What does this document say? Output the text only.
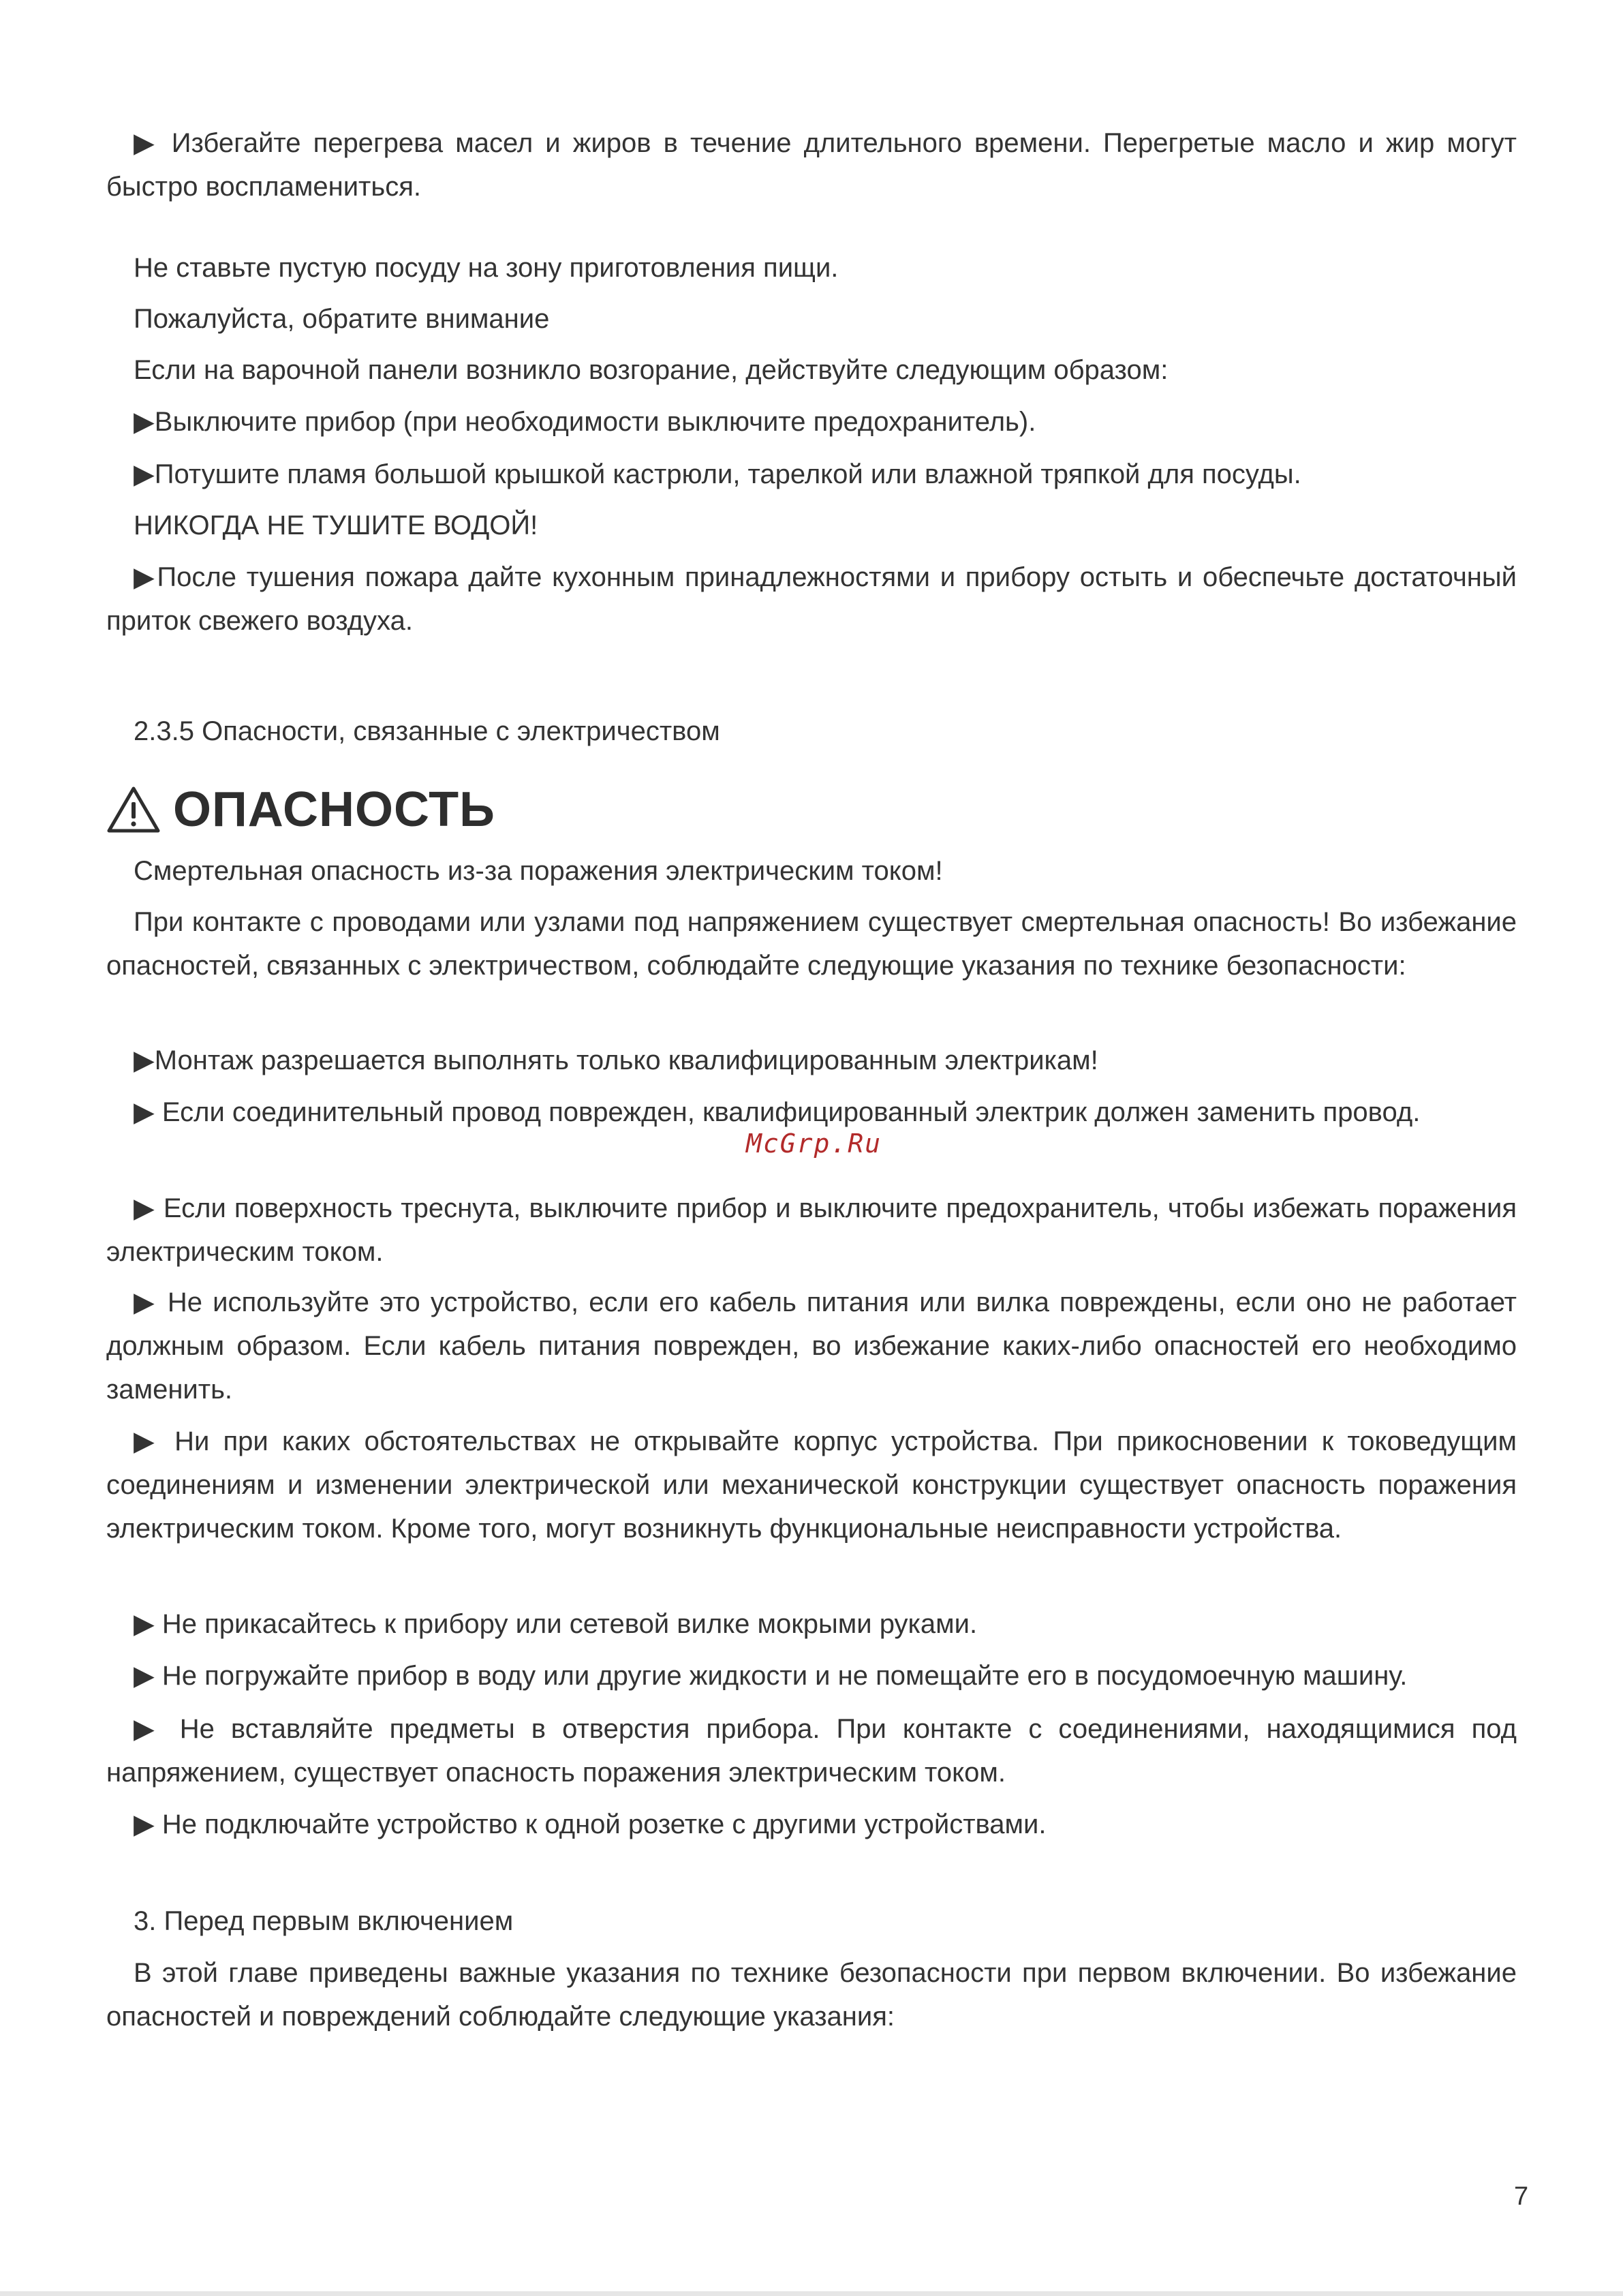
▶ Избегайте перегрева масел и жиров в течение длительного времени. Перегретые масло и жир могут быстро воспламениться.

Не ставьте пустую посуду на зону приготовления пищи.

Пожалуйста, обратите внимание

Если на варочной панели возникло возгорание, действуйте следующим образом:

▶Выключите прибор (при необходимости выключите предохранитель).

▶Потушите пламя большой крышкой кастрюли, тарелкой или влажной тряпкой для посуды.

НИКОГДА НЕ ТУШИТЕ ВОДОЙ!

▶После тушения пожара дайте кухонным принадлежностями и прибору остыть и обеспечьте достаточный приток свежего воздуха.

2.3.5 Опасности, связанные с электричеством

ОПАСНОСТЬ

Смертельная опасность из-за поражения электрическим током!

При контакте с проводами или узлами под напряжением существует смертельная опасность! Во избежание опасностей, связанных с электричеством, соблюдайте следующие указания по технике безопасности:

▶Монтаж разрешается выполнять только квалифицированным электрикам!

▶ Если соединительный провод поврежден, квалифицированный электрик должен заменить провод.

▶ Если поверхность треснута, выключите прибор и выключите предохранитель, чтобы избежать поражения электрическим током.

▶ Не используйте это устройство, если его кабель питания или вилка повреждены, если оно не работает должным образом. Если кабель питания поврежден, во избежание каких-либо опасностей его необходимо заменить.

▶ Ни при каких обстоятельствах не открывайте корпус устройства. При прикосновении к токоведущим соединениям и изменении электрической или механической конструкции существует опасность поражения электрическим током. Кроме того, могут возникнуть функциональные неисправности устройства.

▶ Не прикасайтесь к прибору или сетевой вилке мокрыми руками.

▶ Не погружайте прибор в воду или другие жидкости и не помещайте его в посудомоечную машину.

▶ Не вставляйте предметы в отверстия прибора. При контакте с соединениями, находящимися под напряжением, существует опасность поражения электрическим током.

▶ Не подключайте устройство к одной розетке с другими устройствами.

3. Перед первым включением

В этой главе приведены важные указания по технике безопасности при первом включении. Во избежание опасностей и повреждений соблюдайте следующие указания:

McGrp.Ru
7
